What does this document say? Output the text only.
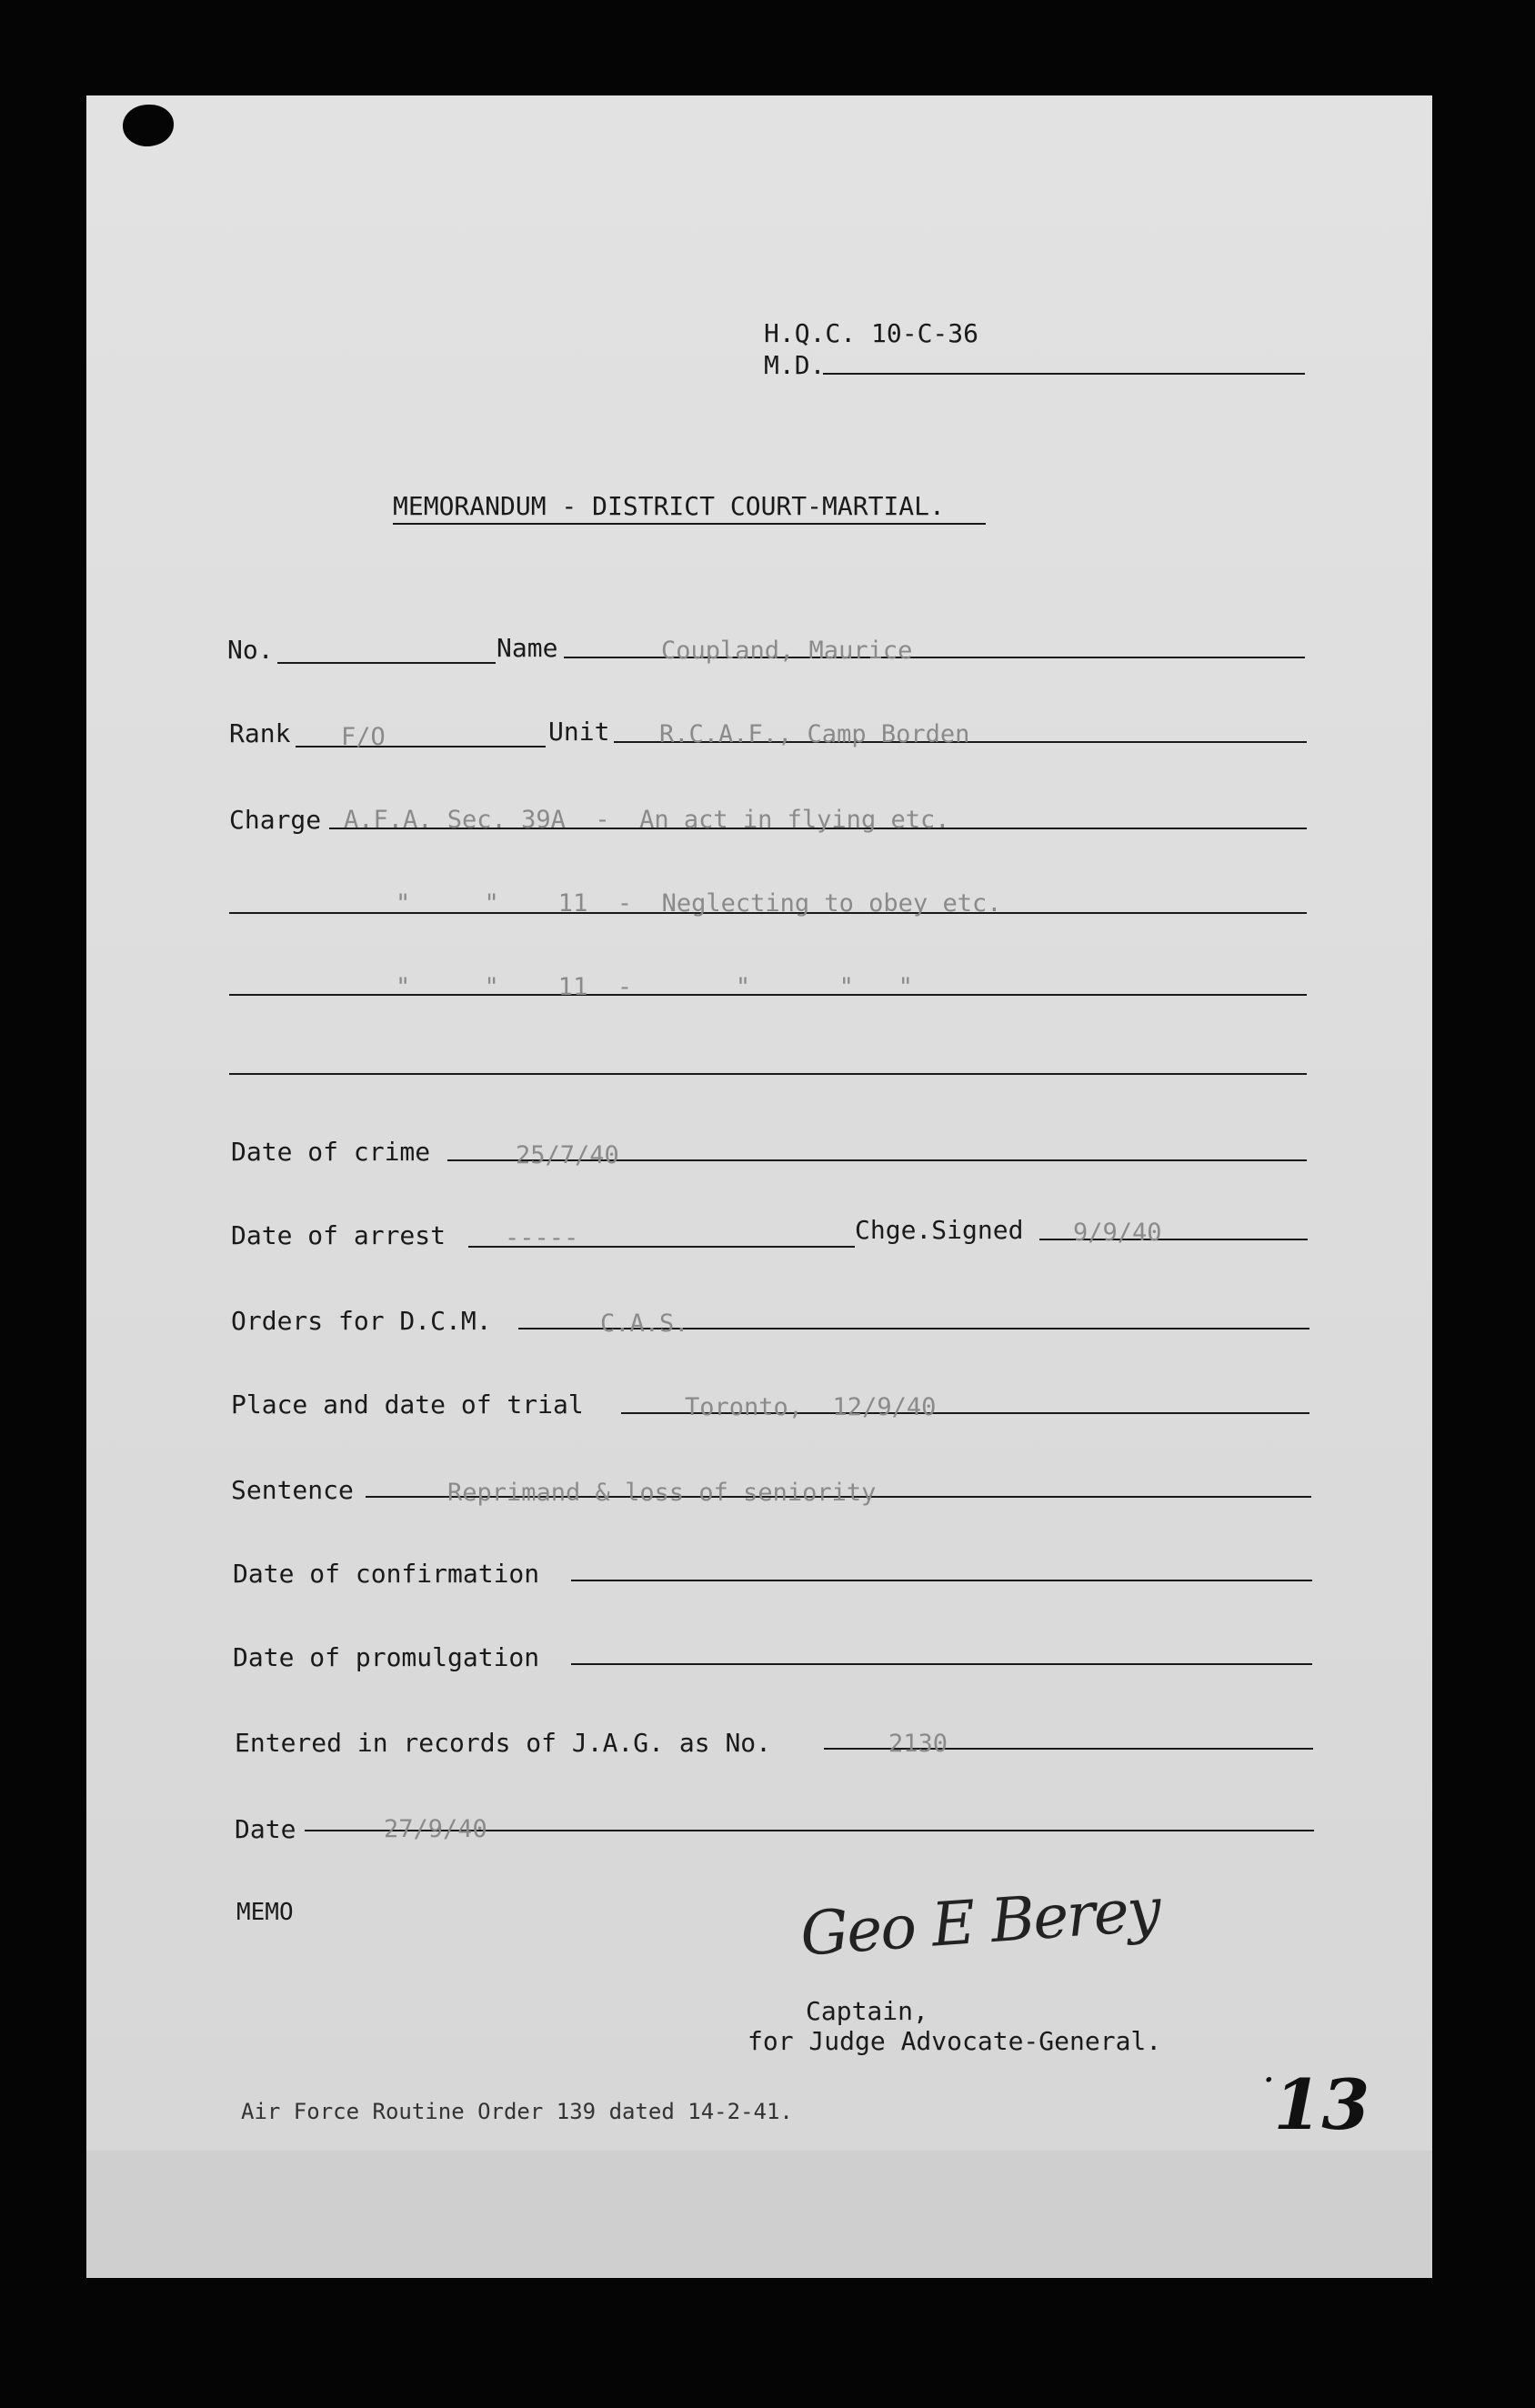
H.Q.C. 10-C-36
M.D.
MEMORANDUM - DISTRICT COURT-MARTIAL.
No.	Name	Coupland, Maurice
Rank F/O	Unit R.C.A.F., Camp Borden
Charge A.F.A. Sec. 39A  -  An act in flying etc.
"     "    11  -  Neglecting to obey etc.
"     "    11  -       "      "   "
Date of crime	25/7/40
Date of arrest -----	Chge.Signed 9/9/40
Orders for D.C.M.	C.A.S.
Place and date of trial	Toronto,  12/9/40
Sentence	Reprimand & loss of seniority
Date of confirmation
Date of promulgation
Entered in records of J.A.G. as No.	2130
Date	27/9/40
MEMO	Geo E Berey
Captain,
for Judge Advocate-General.
Air Force Routine Order 139 dated 14-2-41.
·13
